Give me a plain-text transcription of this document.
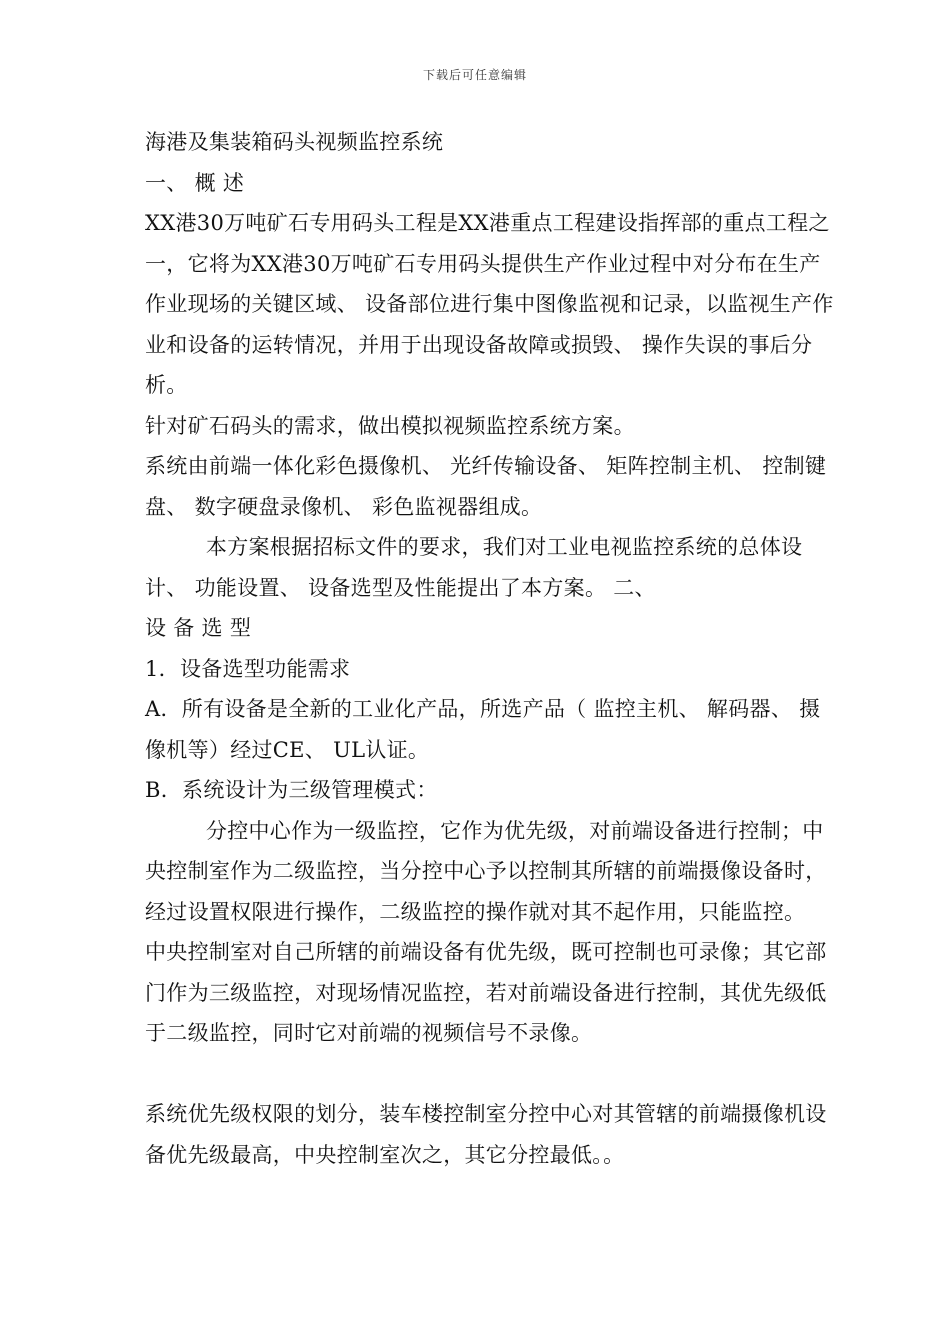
下载后可任意编辑

海港及集装箱码头视频监控系统

一、 概 述

XX港30万吨矿石专用码头工程是XX港重点工程建设指挥部的重点工程之一，它将为XX港30万吨矿石专用码头提供生产作业过程中对分布在生产作业现场的关键区域、 设备部位进行集中图像监视和记录，以监视生产作业和设备的运转情况，并用于出现设备故障或损毁、 操作失误的事后分析。

针对矿石码头的需求，做出模拟视频监控系统方案。

系统由前端一体化彩色摄像机、 光纤传输设备、 矩阵控制主机、 控制键盘、 数字硬盘录像机、 彩色监视器组成。

本方案根据招标文件的要求，我们对工业电视监控系统的总体设计、 功能设置、 设备选型及性能提出了本方案。 二、

设 备 选 型

1．设备选型功能需求

A．所有设备是全新的工业化产品，所选产品（ 监控主机、 解码器、 摄像机等）经过CE、 UL认证。

B．系统设计为三级管理模式：

分控中心作为一级监控，它作为优先级，对前端设备进行控制；中央控制室作为二级监控，当分控中心予以控制其所辖的前端摄像设备时，经过设置权限进行操作，二级监控的操作就对其不起作用，只能监控。

中央控制室对自己所辖的前端设备有优先级，既可控制也可录像；其它部门作为三级监控，对现场情况监控，若对前端设备进行控制，其优先级低于二级监控，同时它对前端的视频信号不录像。

系统优先级权限的划分，装车楼控制室分控中心对其管辖的前端摄像机设备优先级最高，中央控制室次之，其它分控最低。。
